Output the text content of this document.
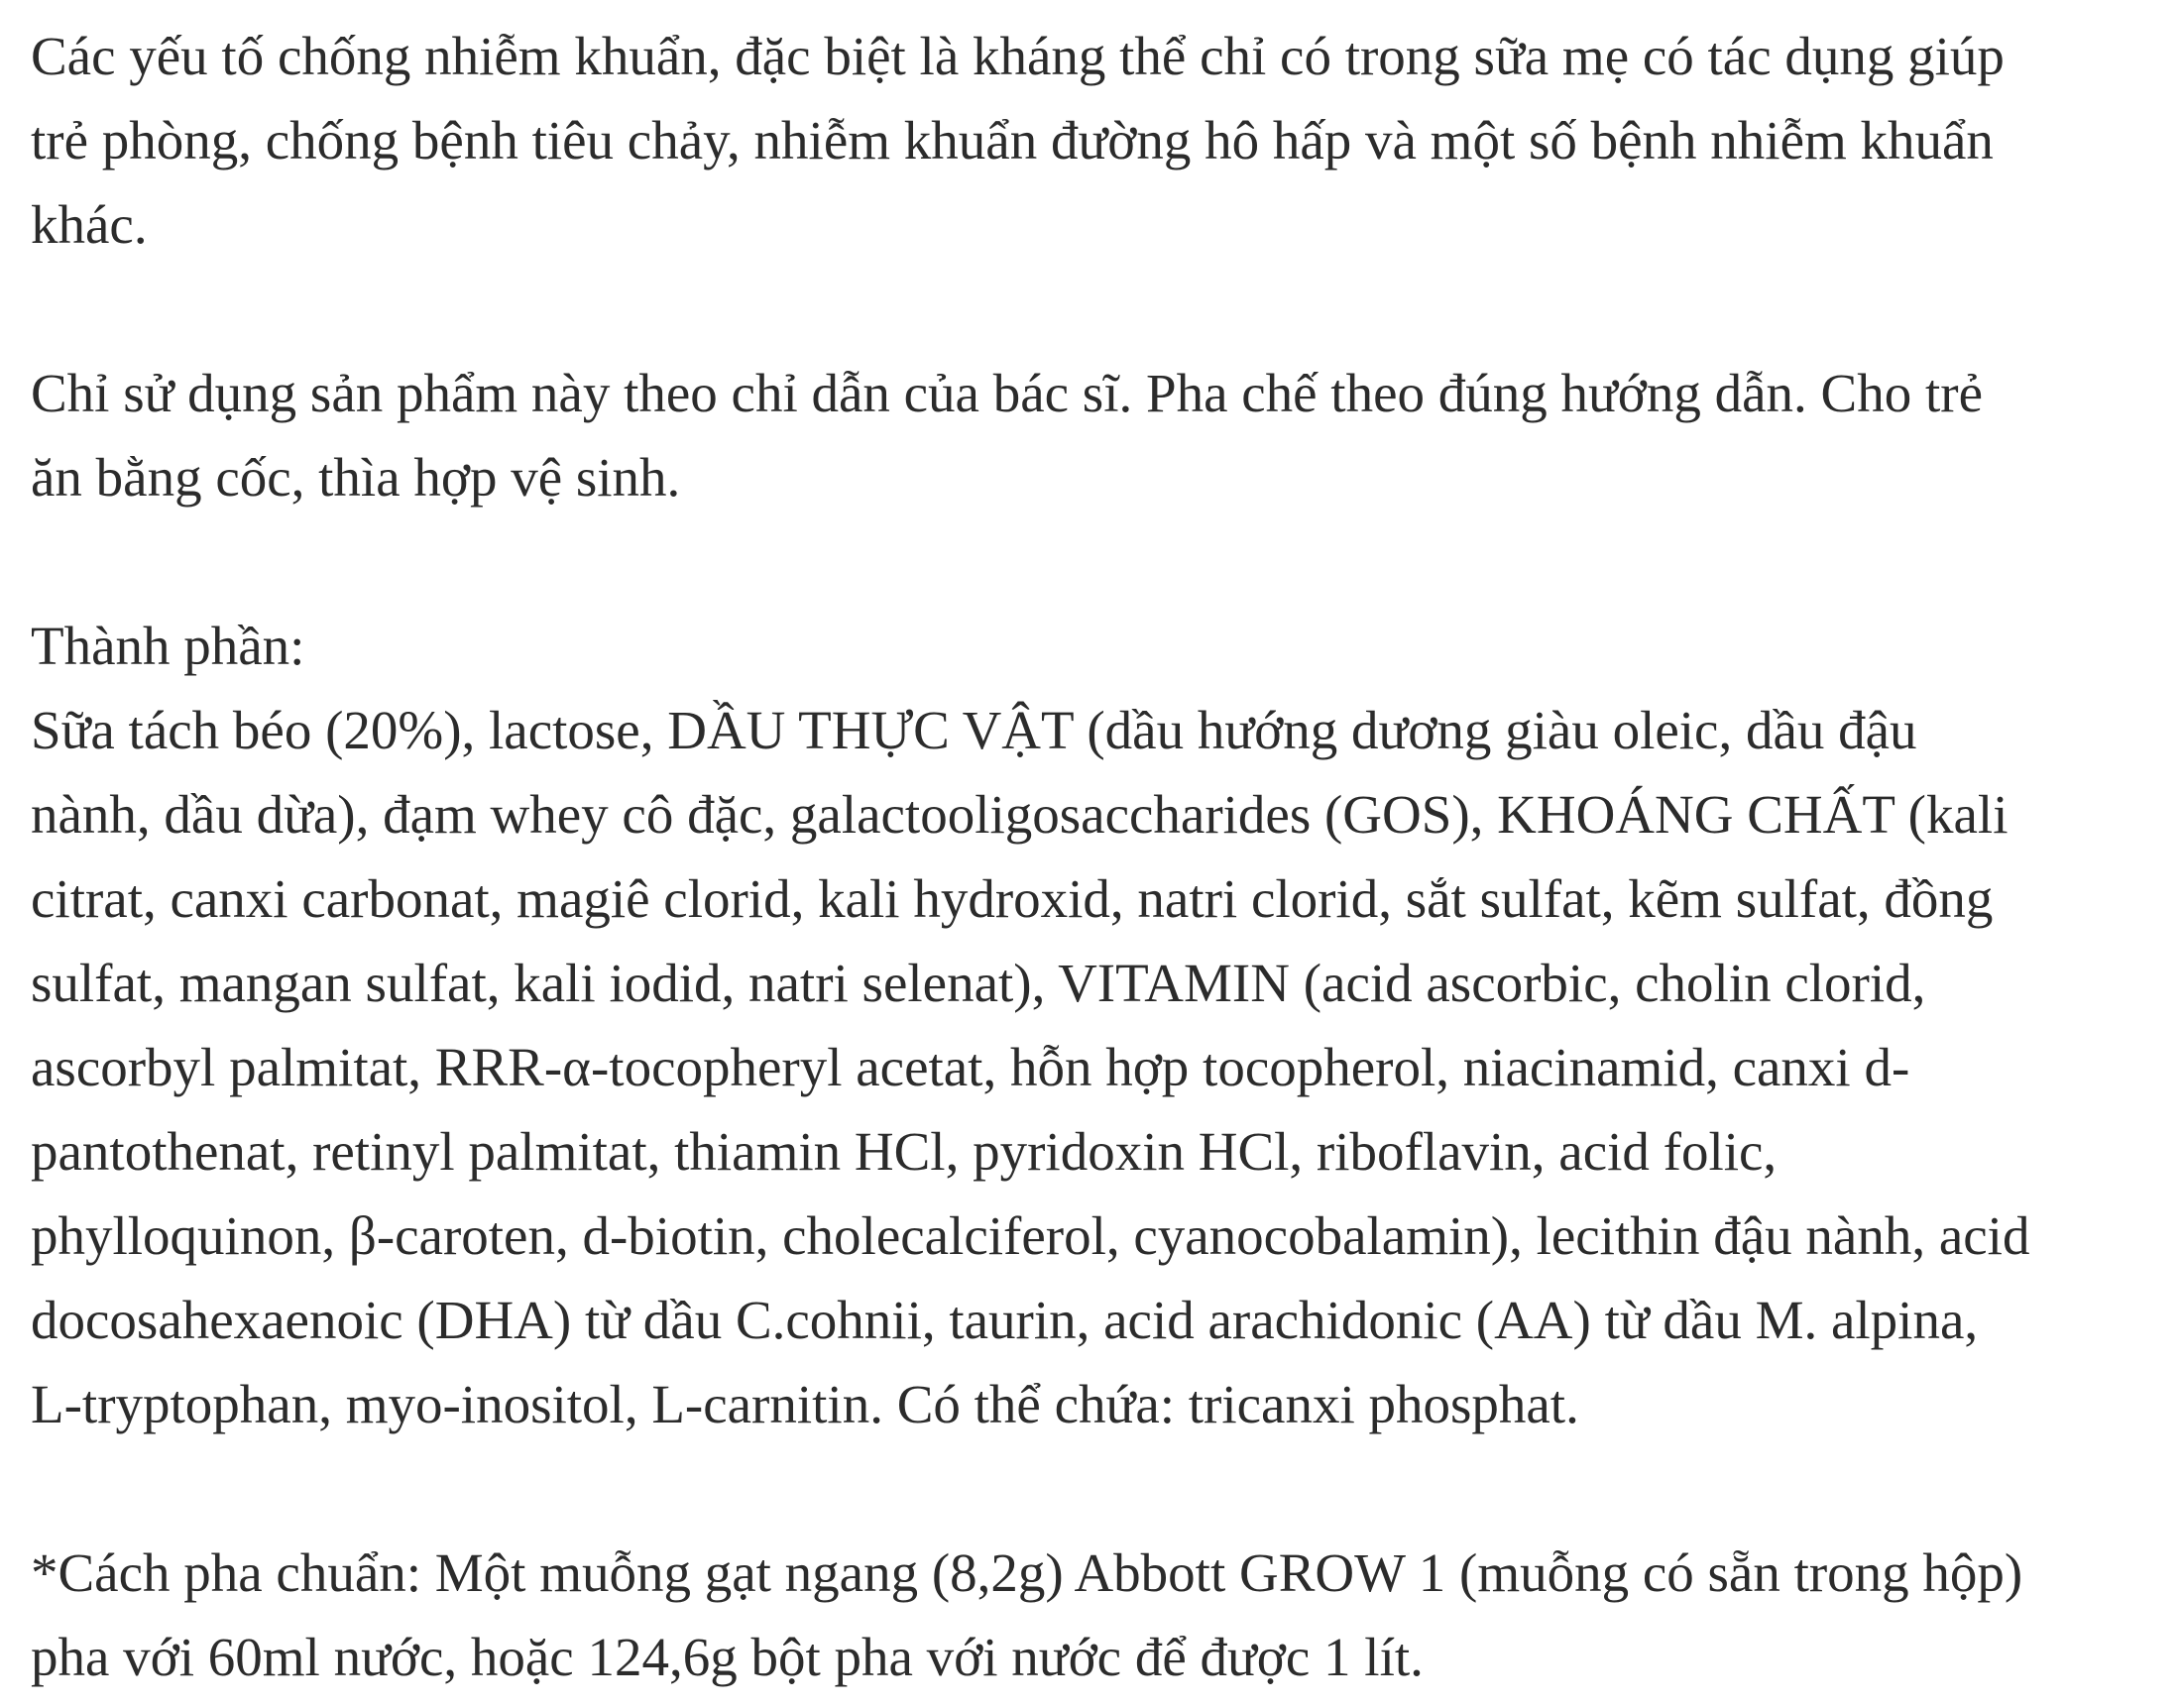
Các yếu tố chống nhiễm khuẩn, đặc biệt là kháng thể chỉ có trong sữa mẹ có tác dụng giúp

trẻ phòng, chống bệnh tiêu chảy, nhiễm khuẩn đường hô hấp và một số bệnh nhiễm khuẩn

khác.

Chỉ sử dụng sản phẩm này theo chỉ dẫn của bác sĩ. Pha chế theo đúng hướng dẫn. Cho trẻ

ăn bằng cốc, thìa hợp vệ sinh.

Thành phần:

Sữa tách béo (20%), lactose, DẦU THỰC VẬT (dầu hướng dương giàu oleic, dầu đậu

nành, dầu dừa), đạm whey cô đặc, galactooligosaccharides (GOS), KHOÁNG CHẤT (kali

citrat, canxi carbonat, magiê clorid, kali hydroxid, natri clorid, sắt sulfat, kẽm sulfat, đồng

sulfat, mangan sulfat, kali iodid, natri selenat), VITAMIN (acid ascorbic, cholin clorid,

ascorbyl palmitat, RRR-α-tocopheryl acetat, hỗn hợp tocopherol, niacinamid, canxi d-

pantothenat, retinyl palmitat, thiamin HCl, pyridoxin HCl, riboflavin, acid folic,

phylloquinon, β-caroten, d-biotin, cholecalciferol, cyanocobalamin), lecithin đậu nành, acid

docosahexaenoic (DHA) từ dầu C.cohnii, taurin, acid arachidonic (AA) từ dầu M. alpina,

L-tryptophan, myo-inositol, L-carnitin. Có thể chứa: tricanxi phosphat.

*Cách pha chuẩn: Một muỗng gạt ngang (8,2g) Abbott GROW 1 (muỗng có sẵn trong hộp)

pha với 60ml nước, hoặc 124,6g bột pha với nước để được 1 lít.
